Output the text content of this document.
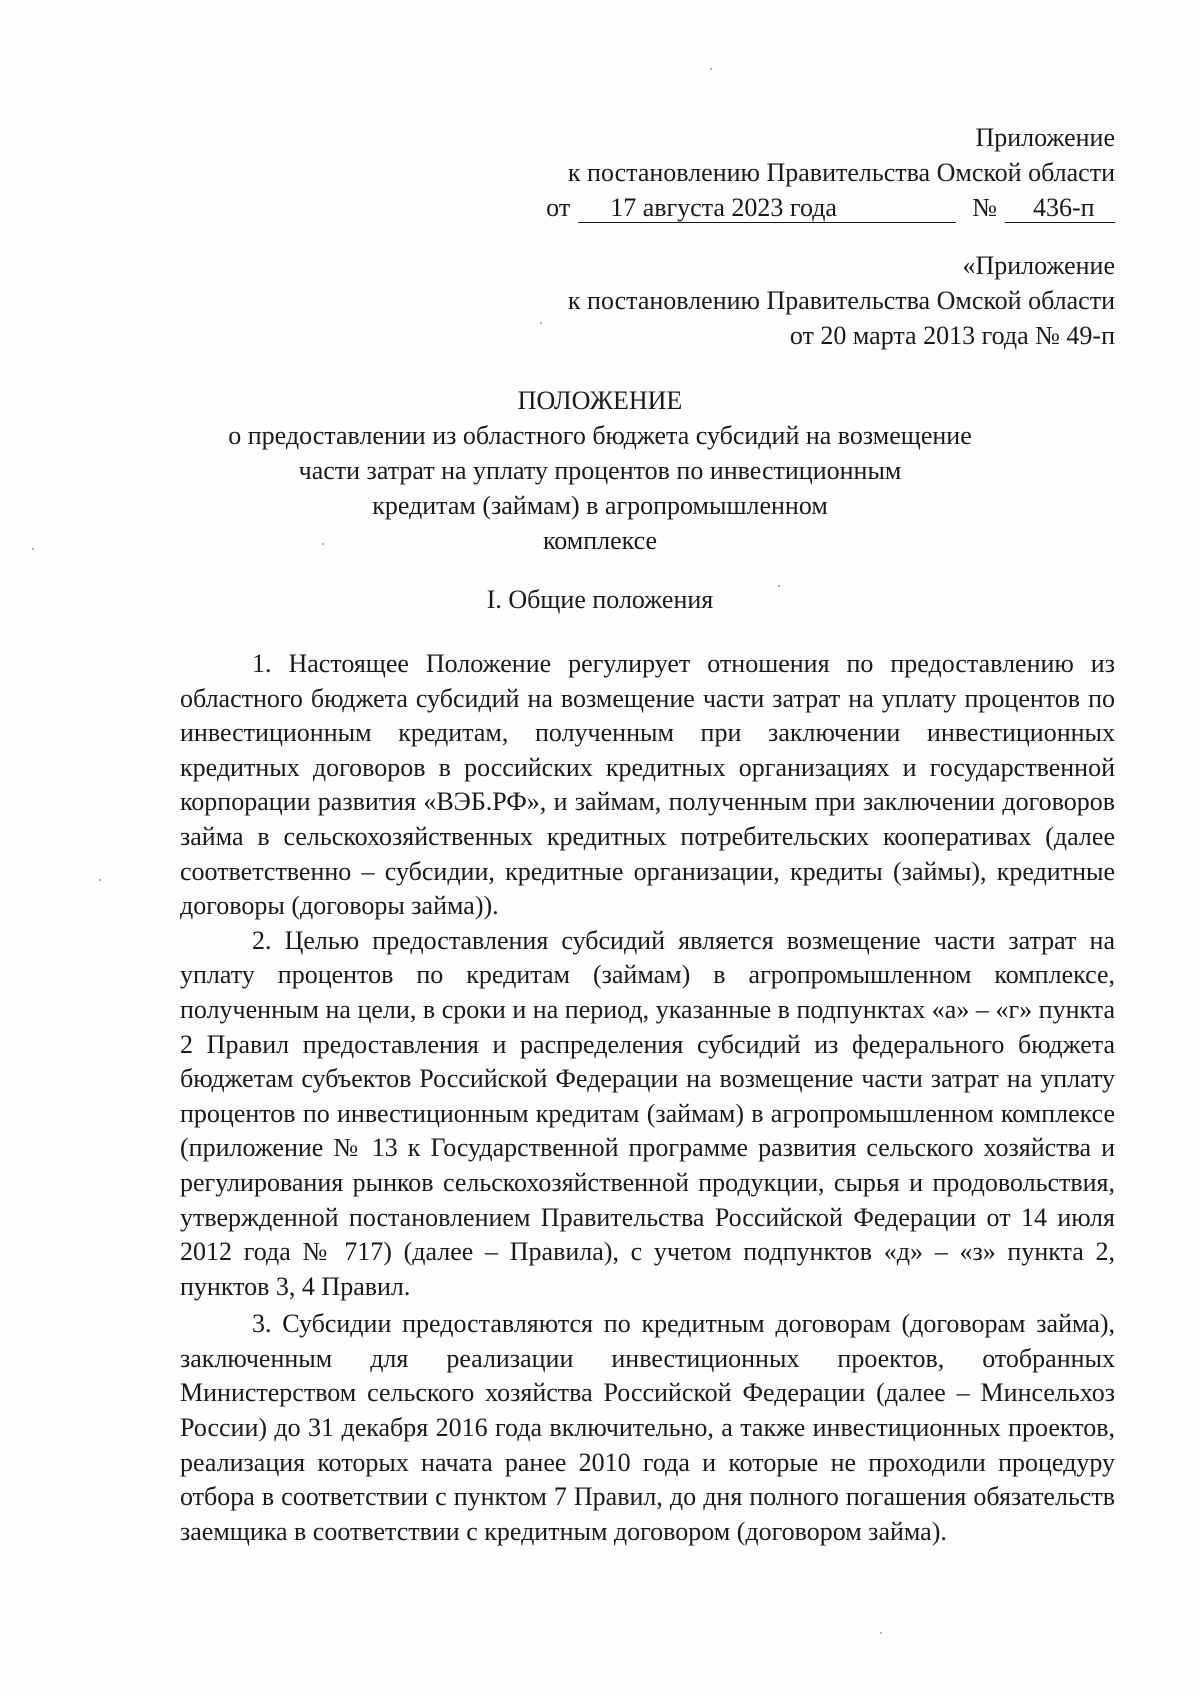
Приложение
к постановлению Правительства Омской области
от 17 августа 2023 года	№ 436-п
«Приложение
к постановлению Правительства Омской области
от 20 марта 2013 года № 49-п
ПОЛОЖЕНИЕ
о предоставлении из областного бюджета субсидий на возмещение
части затрат на уплату процентов по инвестиционным
кредитам (займам) в агропромышленном
комплексе
I. Общие положения

1. Настоящее Положение регулирует отношения по предоставлению из областного бюджета субсидий на возмещение части затрат на уплату процентов по инвестиционным кредитам, полученным при заключении инвестиционных кредитных договоров в российских кредитных организациях и государственной корпорации развития «ВЭБ.РФ», и займам, полученным при заключении договоров займа в сельскохозяйственных кредитных потребительских кооперативах (далее соответственно – субсидии, кредитные организации, кредиты (займы), кредитные договоры (договоры займа)).

2. Целью предоставления субсидий является возмещение части затрат на уплату процентов по кредитам (займам) в агропромышленном комплексе, полученным на цели, в сроки и на период, указанные в подпунктах «а» – «г» пункта 2 Правил предоставления и распределения субсидий из федерального бюджета бюджетам субъектов Российской Федерации на возмещение части затрат на уплату процентов по инвестиционным кредитам (займам) в агропромышленном комплексе (приложение № 13 к Государственной программе развития сельского хозяйства и регулирования рынков сельскохозяйственной продукции, сырья и продовольствия, утвержденной постановлением Правительства Российской Федерации от 14 июля 2012 года № 717) (далее – Правила), с учетом подпунктов «д» – «з» пункта 2, пунктов 3, 4 Правил.

3. Субсидии предоставляются по кредитным договорам (договорам займа), заключенным для реализации инвестиционных проектов, отобранных Министерством сельского хозяйства Российской Федерации (далее – Минсельхоз России) до 31 декабря 2016 года включительно, а также инвестиционных проектов, реализация которых начата ранее 2010 года и которые не проходили процедуру отбора в соответствии с пунктом 7 Правил, до дня полного погашения обязательств заемщика в соответствии с кредитным договором (договором займа).
